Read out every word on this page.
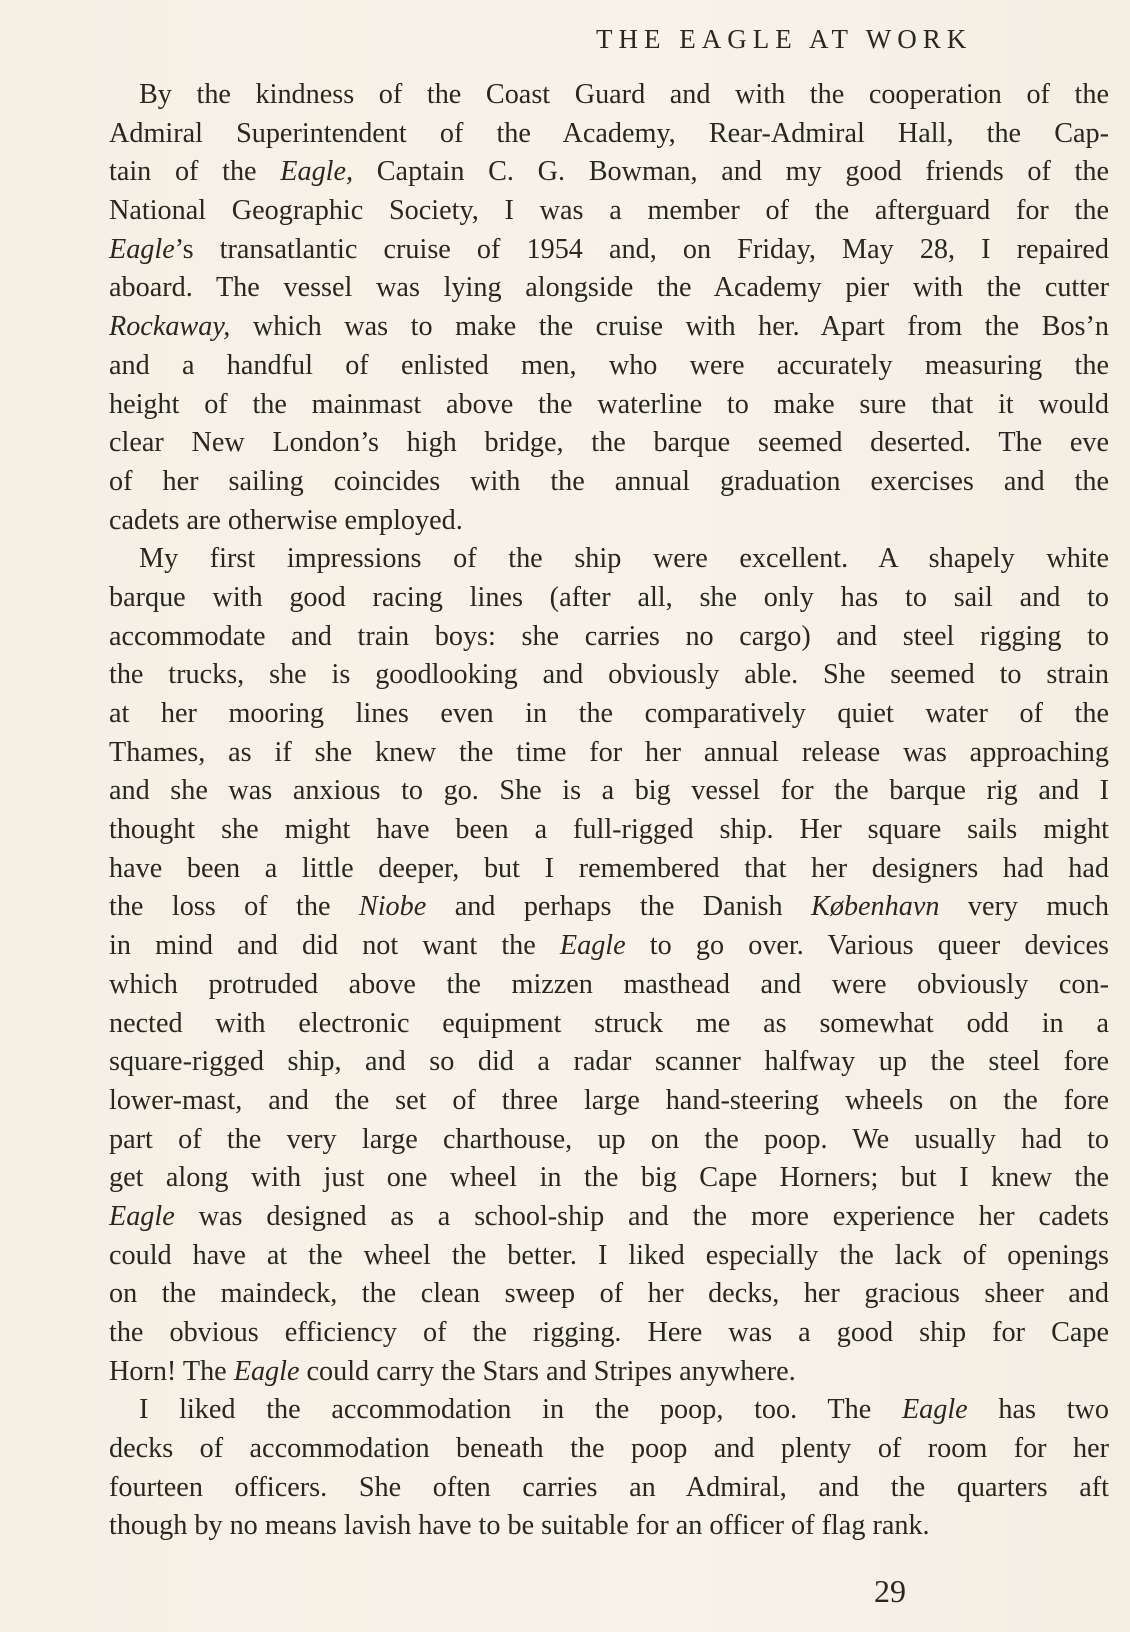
THE EAGLE AT WORK
By the kindness of the Coast Guard and with the cooperation of the
Admiral Superintendent of the Academy, Rear-Admiral Hall, the Cap-
tain of the Eagle, Captain C. G. Bowman, and my good friends of the
National Geographic Society, I was a member of the afterguard for the
Eagle’s transatlantic cruise of 1954 and, on Friday, May 28, I repaired
aboard. The vessel was lying alongside the Academy pier with the cutter
Rockaway, which was to make the cruise with her. Apart from the Bos’n
and a handful of enlisted men, who were accurately measuring the
height of the mainmast above the waterline to make sure that it would
clear New London’s high bridge, the barque seemed deserted. The eve
of her sailing coincides with the annual graduation exercises and the
cadets are otherwise employed.
My first impressions of the ship were excellent. A shapely white
barque with good racing lines (after all, she only has to sail and to
accommodate and train boys: she carries no cargo) and steel rigging to
the trucks, she is goodlooking and obviously able. She seemed to strain
at her mooring lines even in the comparatively quiet water of the
Thames, as if she knew the time for her annual release was approaching
and she was anxious to go. She is a big vessel for the barque rig and I
thought she might have been a full-rigged ship. Her square sails might
have been a little deeper, but I remembered that her designers had had
the loss of the Niobe and perhaps the Danish København very much
in mind and did not want the Eagle to go over. Various queer devices
which protruded above the mizzen masthead and were obviously con-
nected with electronic equipment struck me as somewhat odd in a
square-rigged ship, and so did a radar scanner halfway up the steel fore
lower-mast, and the set of three large hand-steering wheels on the fore
part of the very large charthouse, up on the poop. We usually had to
get along with just one wheel in the big Cape Horners; but I knew the
Eagle was designed as a school-ship and the more experience her cadets
could have at the wheel the better. I liked especially the lack of openings
on the maindeck, the clean sweep of her decks, her gracious sheer and
the obvious efficiency of the rigging. Here was a good ship for Cape
Horn! The Eagle could carry the Stars and Stripes anywhere.
I liked the accommodation in the poop, too. The Eagle has two
decks of accommodation beneath the poop and plenty of room for her
fourteen officers. She often carries an Admiral, and the quarters aft
though by no means lavish have to be suitable for an officer of flag rank.
29
